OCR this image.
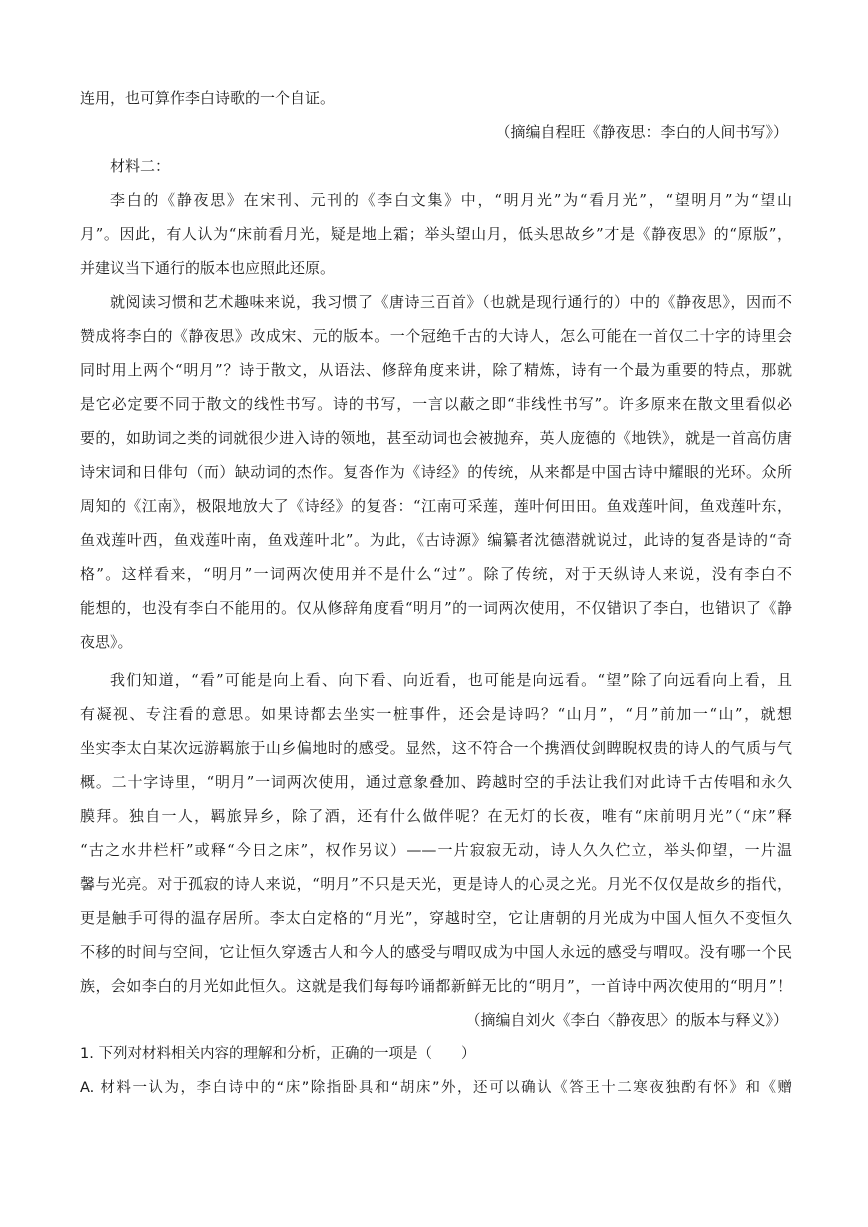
连用，也可算作李白诗歌的一个自证。
（摘编自程旺《静夜思：李白的人间书写》）
材料二：
李白的《静夜思》在宋刊、元刊的《李白文集》中，“明月光”为“看月光”，“望明月”为“望山
月”。因此，有人认为“床前看月光，疑是地上霜；举头望山月，低头思故乡”才是《静夜思》的“原版”，
并建议当下通行的版本也应照此还原。
就阅读习惯和艺术趣味来说，我习惯了《唐诗三百首》（也就是现行通行的）中的《静夜思》，因而不
赞成将李白的《静夜思》改成宋、元的版本。一个冠绝千古的大诗人，怎么可能在一首仅二十字的诗里会
同时用上两个“明月”？诗于散文，从语法、修辞角度来讲，除了精炼，诗有一个最为重要的特点，那就
是它必定要不同于散文的线性书写。诗的书写，一言以蔽之即“非线性书写”。许多原来在散文里看似必
要的，如助词之类的词就很少进入诗的领地，甚至动词也会被抛弃，英人庞德的《地铁》，就是一首高仿唐
诗宋词和日俳句（而）缺动词的杰作。复沓作为《诗经》的传统，从来都是中国古诗中耀眼的光环。众所
周知的《江南》，极限地放大了《诗经》的复沓：“江南可采莲，莲叶何田田。鱼戏莲叶间，鱼戏莲叶东，
鱼戏莲叶西，鱼戏莲叶南，鱼戏莲叶北”。为此，《古诗源》编纂者沈德潜就说过，此诗的复沓是诗的“奇
格”。这样看来，“明月”一词两次使用并不是什么“过”。除了传统，对于天纵诗人来说，没有李白不
能想的，也没有李白不能用的。仅从修辞角度看“明月”的一词两次使用，不仅错识了李白，也错识了《静
夜思》。
我们知道，“看”可能是向上看、向下看、向近看，也可能是向远看。“望”除了向远看向上看，且
有凝视、专注看的意思。如果诗都去坐实一桩事件，还会是诗吗？“山月”，“月”前加一“山”，就想
坐实李太白某次远游羁旅于山乡偏地时的感受。显然，这不符合一个携酒仗剑睥睨权贵的诗人的气质与气
概。二十字诗里，“明月”一词两次使用，通过意象叠加、跨越时空的手法让我们对此诗千古传唱和永久
膜拜。独自一人，羁旅异乡，除了酒，还有什么做伴呢？在无灯的长夜，唯有“床前明月光”（“床”释
“古之水井栏杆”或释“今日之床”，权作另议）——一片寂寂无动，诗人久久伫立，举头仰望，一片温
馨与光亮。对于孤寂的诗人来说，“明月”不只是天光，更是诗人的心灵之光。月光不仅仅是故乡的指代，
更是触手可得的温存居所。李太白定格的“月光”，穿越时空，它让唐朝的月光成为中国人恒久不变恒久
不移的时间与空间，它让恒久穿透古人和今人的感受与喟叹成为中国人永远的感受与喟叹。没有哪一个民
族，会如李白的月光如此恒久。这就是我们每每吟诵都新鲜无比的“明月”，一首诗中两次使用的“明月”！
（摘编自刘火《李白〈静夜思〉的版本与释义》）
1. 下列对材料相关内容的理解和分析，正确的一项是（　　）
A. 材料一认为，李白诗中的“床”除指卧具和“胡床”外，还可以确认《答王十二寒夜独酌有怀》和《赠
